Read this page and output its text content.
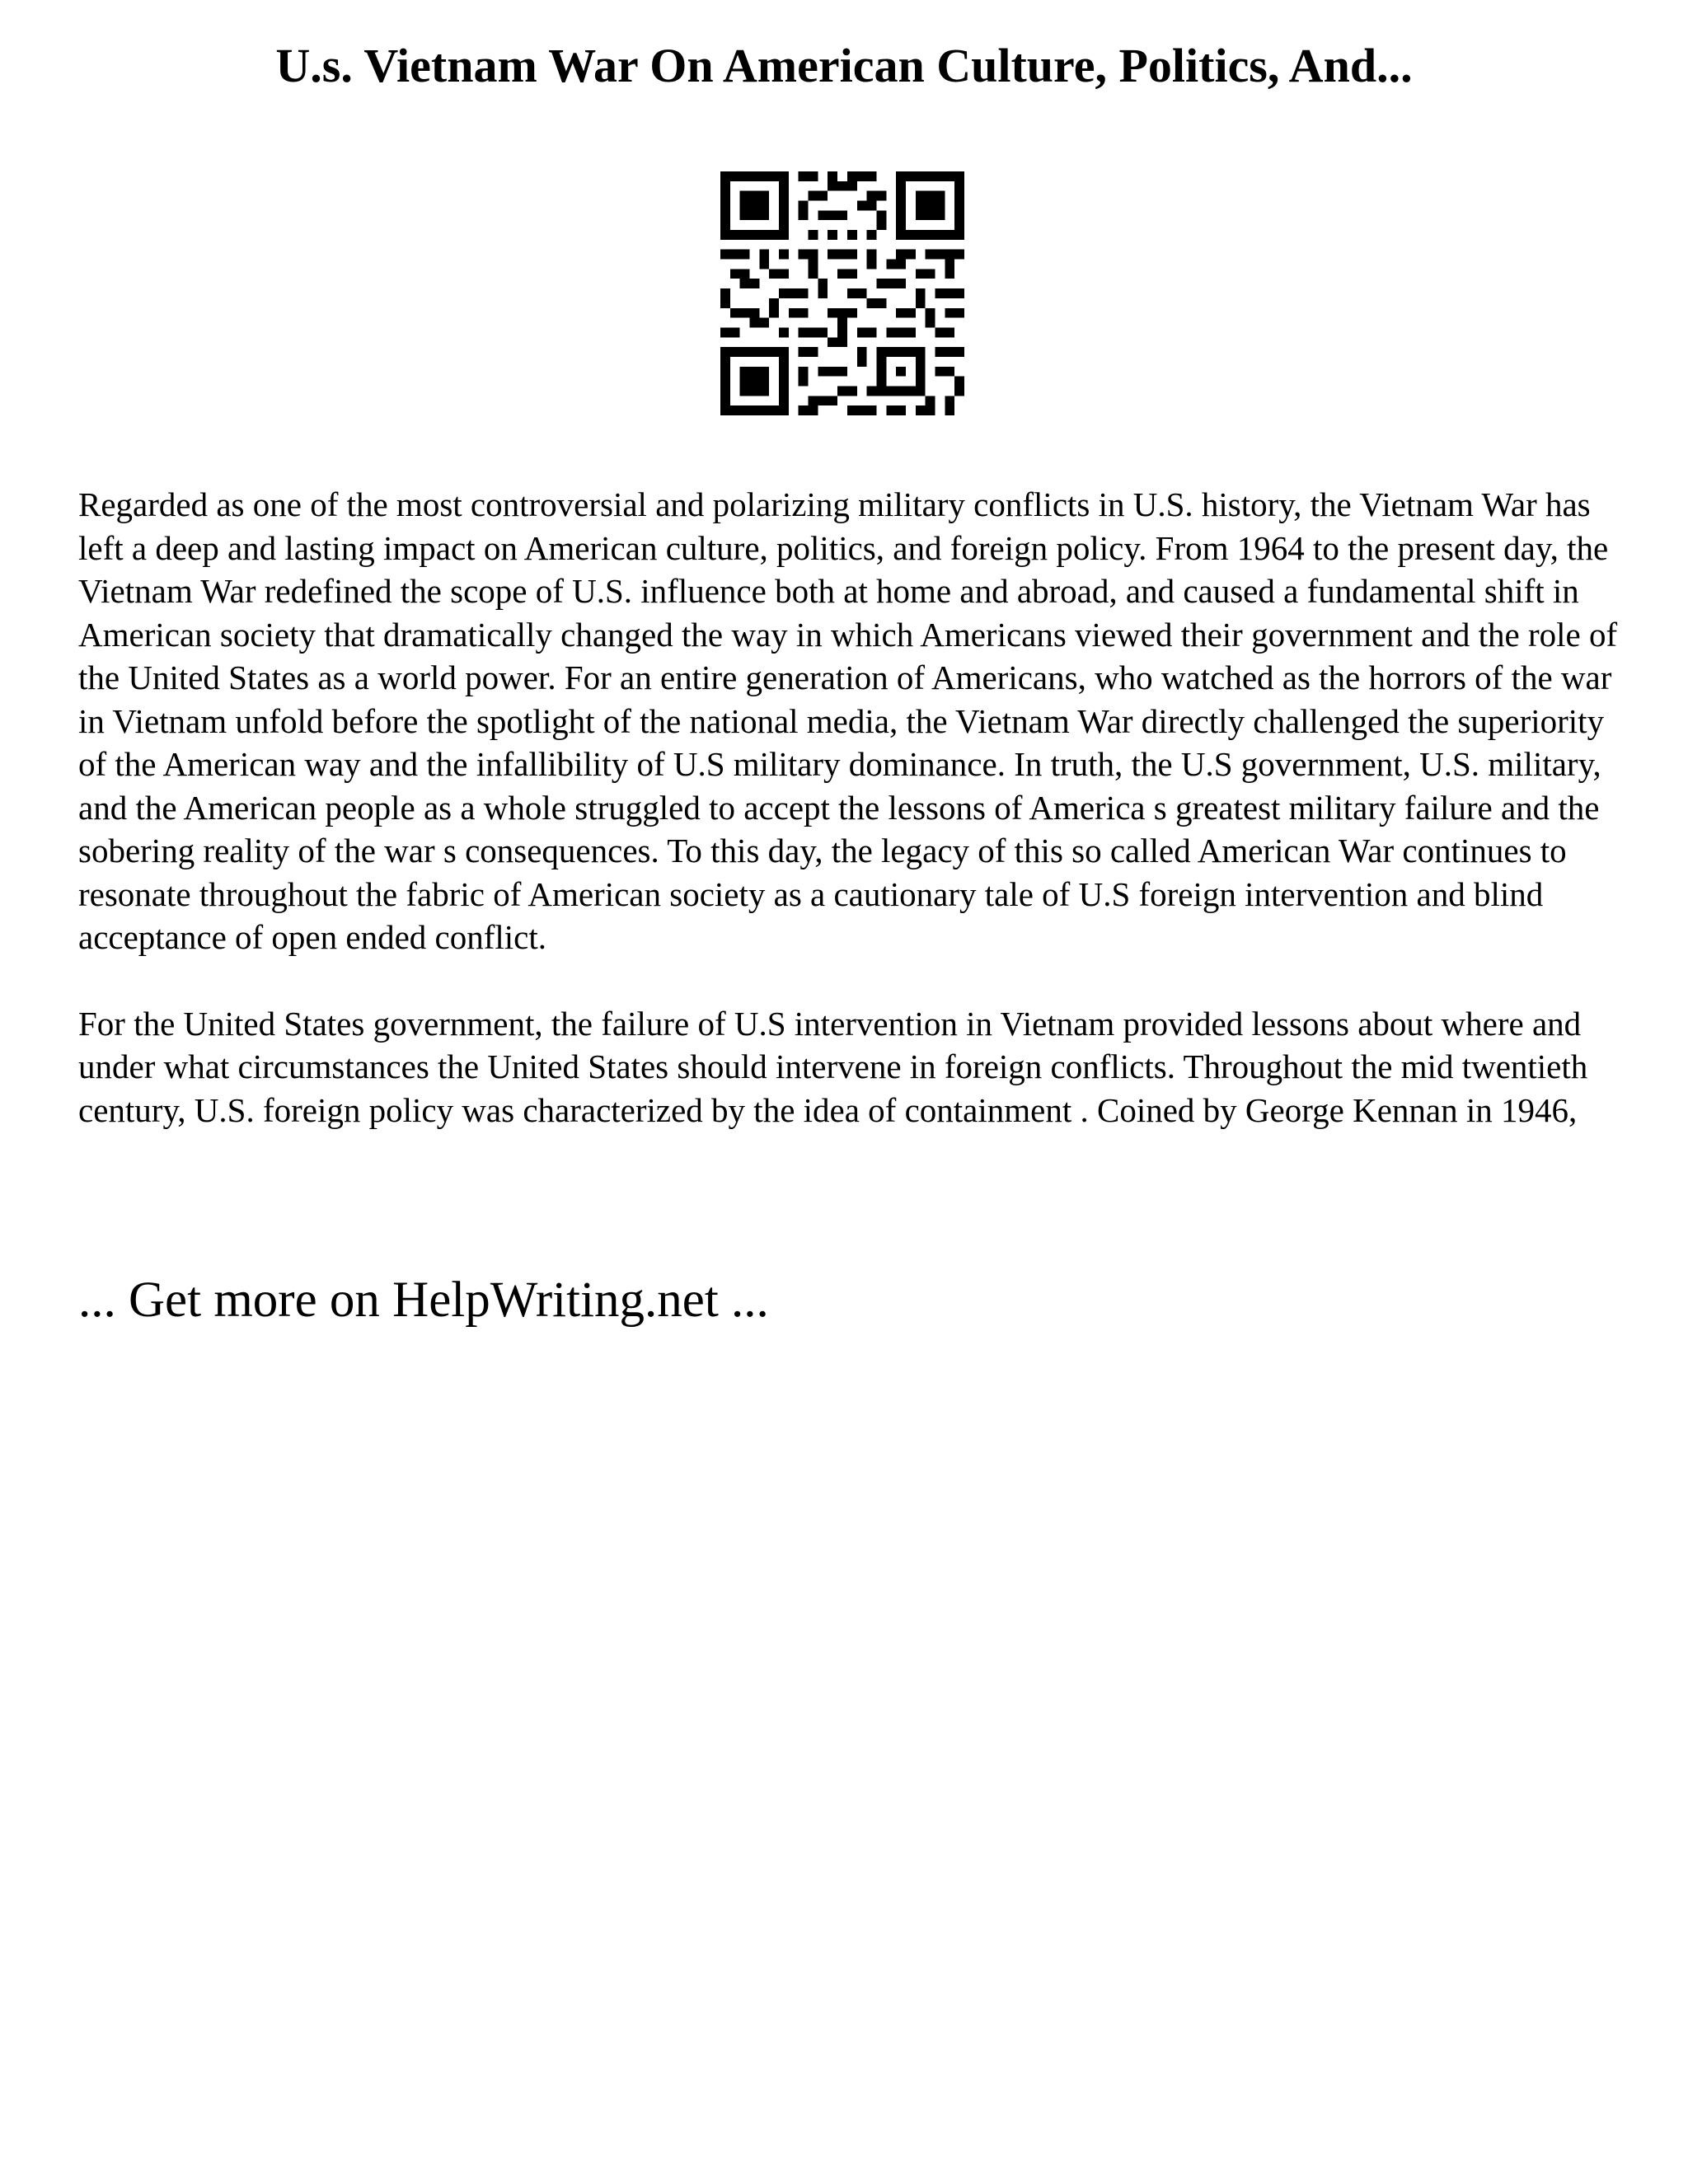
U.s. Vietnam War On American Culture, Politics, And...

Regarded as one of the most controversial and polarizing military conflicts in U.S. history, the Vietnam War has left a deep and lasting impact on American culture, politics, and foreign policy. From 1964 to the present day, the Vietnam War redefined the scope of U.S. influence both at home and abroad, and caused a fundamental shift in American society that dramatically changed the way in which Americans viewed their government and the role of the United States as a world power. For an entire generation of Americans, who watched as the horrors of the war in Vietnam unfold before the spotlight of the national media, the Vietnam War directly challenged the superiority of the American way and the infallibility of U.S military dominance. In truth, the U.S government, U.S. military, and the American people as a whole struggled to accept the lessons of America s greatest military failure and the sobering reality of the war s consequences. To this day, the legacy of this so called American War continues to resonate throughout the fabric of American society as a cautionary tale of U.S foreign intervention and blind acceptance of open ended conflict.

For the United States government, the failure of U.S intervention in Vietnam provided lessons about where and under what circumstances the United States should intervene in foreign conflicts. Throughout the mid twentieth century, U.S. foreign policy was characterized by the idea of containment . Coined by George Kennan in 1946,

... Get more on HelpWriting.net ...
